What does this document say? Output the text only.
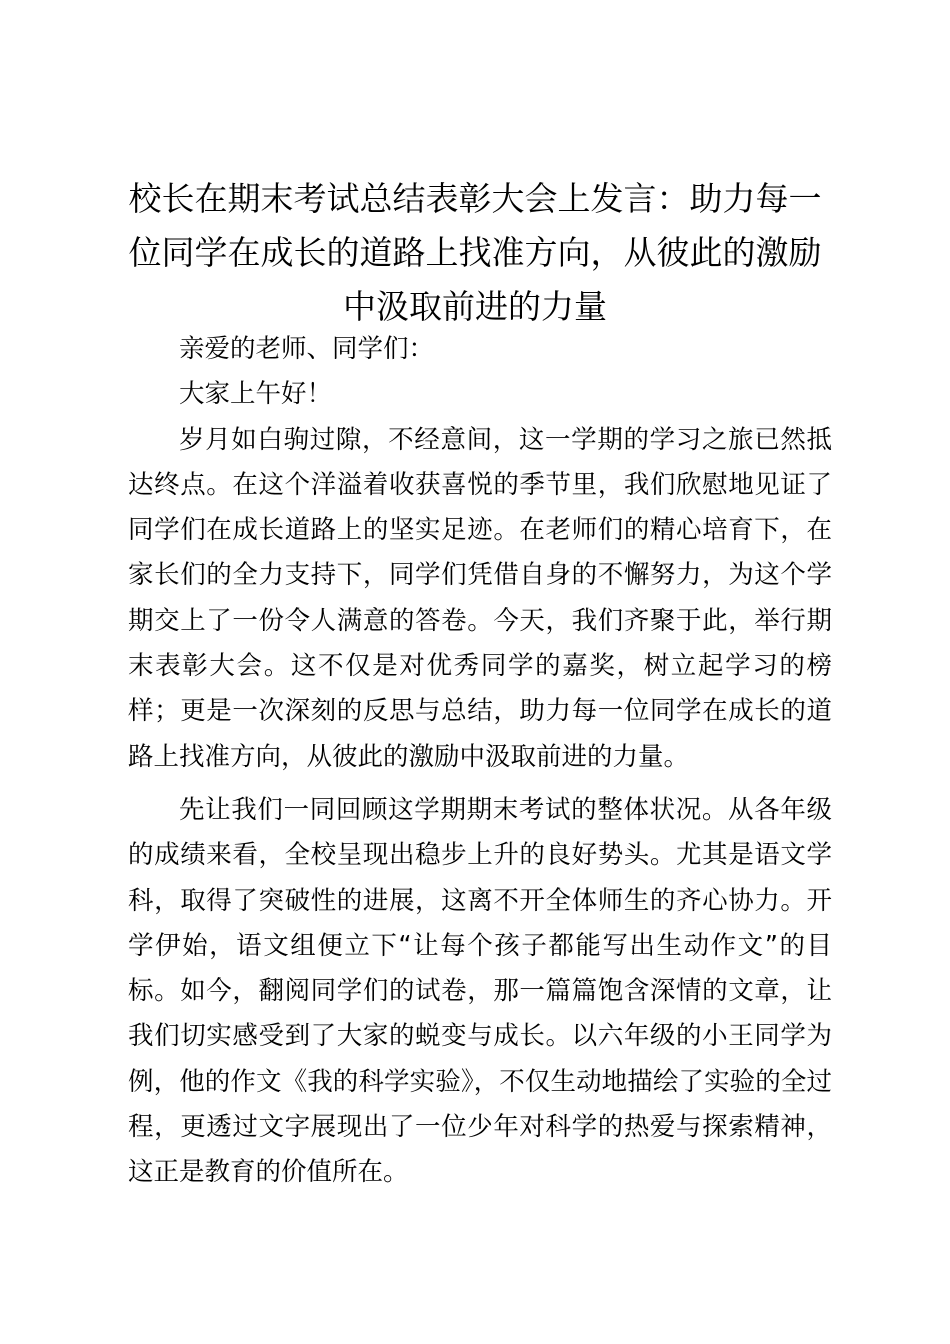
校长在期末考试总结表彰大会上发言：助力每一位同学在成长的道路上找准方向，从彼此的激励中汲取前进的力量

亲爱的老师、同学们：

大家上午好！

岁月如白驹过隙，不经意间，这一学期的学习之旅已然抵达终点。在这个洋溢着收获喜悦的季节里，我们欣慰地见证了同学们在成长道路上的坚实足迹。在老师们的精心培育下，在家长们的全力支持下，同学们凭借自身的不懈努力，为这个学期交上了一份令人满意的答卷。今天，我们齐聚于此，举行期末表彰大会。这不仅是对优秀同学的嘉奖，树立起学习的榜样；更是一次深刻的反思与总结，助力每一位同学在成长的道路上找准方向，从彼此的激励中汲取前进的力量。

先让我们一同回顾这学期期末考试的整体状况。从各年级的成绩来看，全校呈现出稳步上升的良好势头。尤其是语文学科，取得了突破性的进展，这离不开全体师生的齐心协力。开学伊始，语文组便立下“让每个孩子都能写出生动作文”的目标。如今，翻阅同学们的试卷，那一篇篇饱含深情的文章，让我们切实感受到了大家的蜕变与成长。以六年级的小王同学为例，他的作文《我的科学实验》，不仅生动地描绘了实验的全过程，更透过文字展现出了一位少年对科学的热爱与探索精神，这正是教育的价值所在。
